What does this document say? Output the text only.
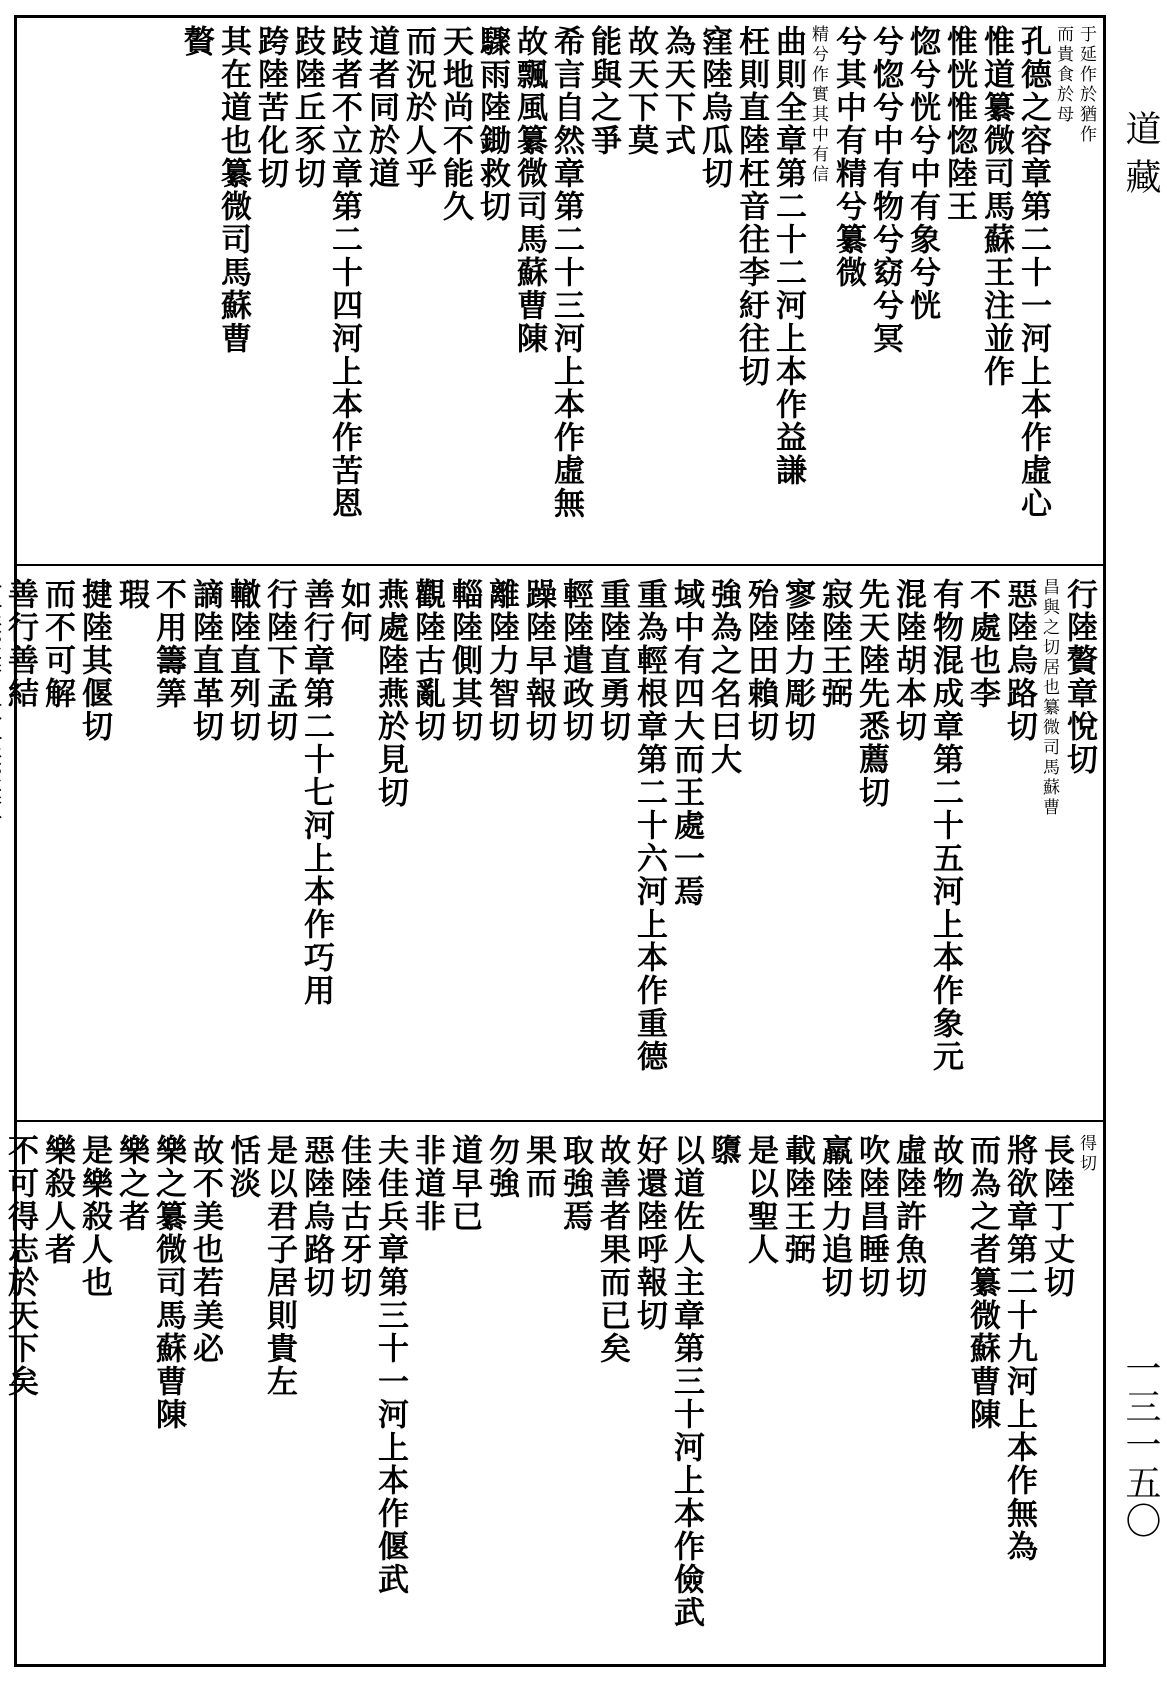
于延作於猶作
而貴食於母
孔德之容章第二十一河上本作虛心
惟道纂微司馬蘇王注並作
惟恍惟惚陸王
惚兮恍兮中有象兮恍
兮惚兮中有物兮窈兮冥
兮其中有精兮纂微
精兮作實其中有信
曲則全章第二十二河上本作益謙
枉則直陸枉音往李紆往切
窪陸烏瓜切
為天下式
故天下莫
能與之爭
希言自然章第二十三河上本作虛無
故飄風纂微司馬蘇曹陳
驟雨陸鋤救切
天地尚不能久
而況於人乎
道者同於道
跂者不立章第二十四河上本作苦恩
跂陸丘豕切
跨陸苦化切
其在道也纂微司馬蘇曹
贅
行陸贅章悅切
昌與之切居也纂微司馬蘇曹
惡陸烏路切
不處也李
有物混成章第二十五河上本作象元
混陸胡本切
先天陸先悉薦切
寂陸王弼
寥陸力彫切
殆陸田賴切
強為之名曰大
域中有四大而王處一焉
重為輕根章第二十六河上本作重德
重陸直勇切
輕陸遣政切
躁陸早報切
離陸力智切
輜陸側其切
觀陸古亂切
燕處陸燕於見切
如何
善行章第二十七河上本作巧用
行陸下孟切
轍陸直列切
謫陸直革切
不用籌筭
瑕
揵陸其偃切
而不可解
善行善結
得切
長陸丁丈切
將欲章第二十九河上本作無為
而為之者纂微蘇曹陳
故物
虛陸許魚切
吹陸昌睡切
羸陸力追切
載陸王弼
是以聖人
隳
以道佐人主章第三十河上本作儉武
好還陸呼報切
故善者果而已矣
取強焉
果而
勿強
道早已
非道非
夫佳兵章第三十一河上本作偃武
佳陸古牙切
惡陸烏路切
是以君子居則貴左
恬淡
故不美也若美必
樂之纂微司馬蘇曹陳
樂之者
是樂殺人也
樂殺人者
不可得志於天下矣
道藏
一三一五〇
